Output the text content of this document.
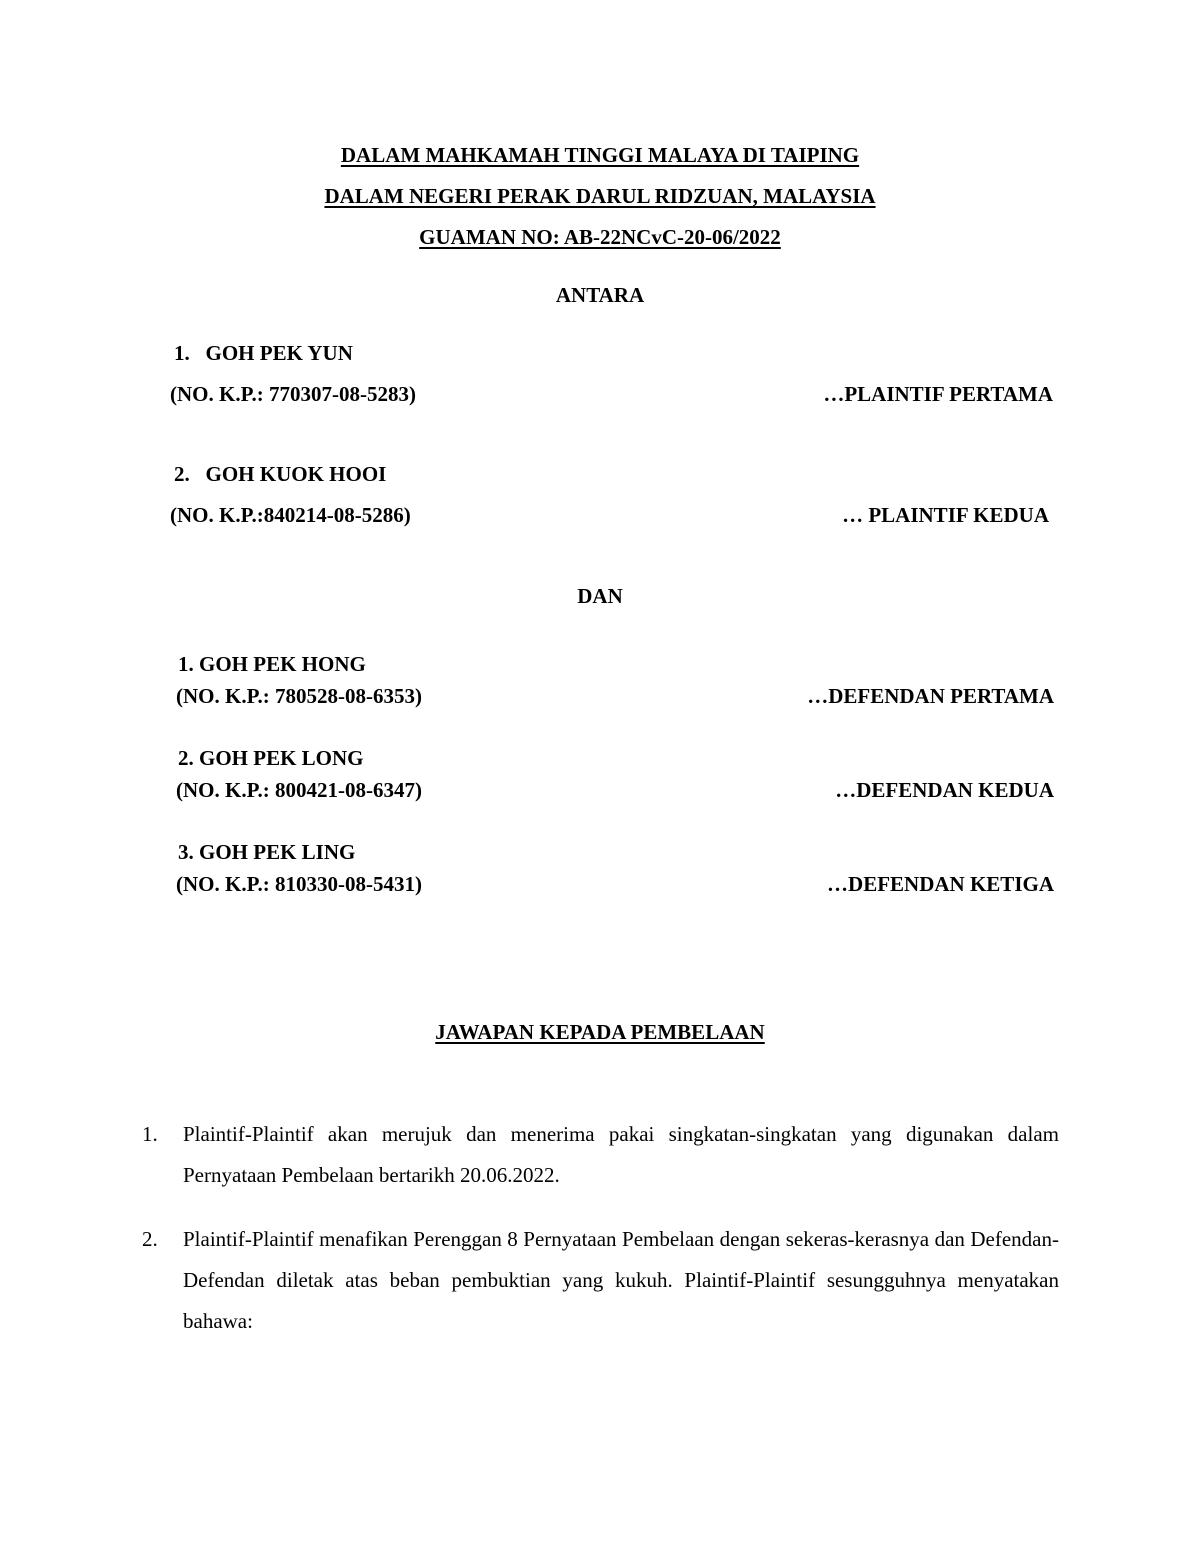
DALAM MAHKAMAH TINGGI MALAYA DI TAIPING
DALAM NEGERI PERAK DARUL RIDZUAN, MALAYSIA
GUAMAN NO: AB-22NCvC-20-06/2022
ANTARA
1.   GOH PEK YUN
(NO. K.P.: 770307-08-5283)	…PLAINTIF PERTAMA
2.   GOH KUOK HOOI
(NO. K.P.:840214-08-5286)	… PLAINTIF KEDUA
DAN
1. GOH PEK HONG
(NO. K.P.: 780528-08-6353)	…DEFENDAN PERTAMA
2. GOH PEK LONG
(NO. K.P.: 800421-08-6347)	…DEFENDAN KEDUA
3. GOH PEK LING
(NO. K.P.: 810330-08-5431)	…DEFENDAN KETIGA
JAWAPAN KEPADA PEMBELAAN
1. Plaintif-Plaintif akan merujuk dan menerima pakai singkatan-singkatan yang digunakan dalam Pernyataan Pembelaan bertarikh 20.06.2022.
2. Plaintif-Plaintif menafikan Perenggan 8 Pernyataan Pembelaan dengan sekeras-kerasnya dan Defendan-Defendan diletak atas beban pembuktian yang kukuh. Plaintif-Plaintif sesungguhnya menyatakan bahawa:
